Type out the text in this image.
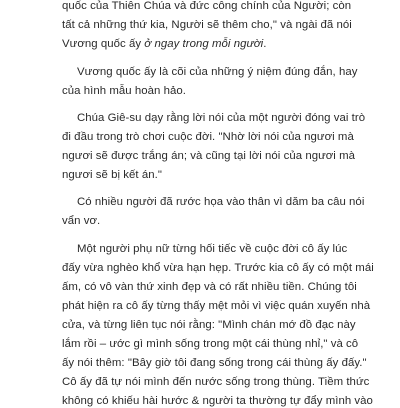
quốc của Thiên Chúa và đức công chính của Người; còn
tất cả những thứ kia, Người sẽ thêm cho," và ngài đã nói
Vương quốc ấy ở ngay trong mỗi người.
Vương quốc ấy là cõi của những ý niệm đúng đắn, hay
của hình mẫu hoàn hảo.
Chúa Giê-su dạy rằng lời nói của một người đóng vai trò
đi đầu trong trò chơi cuộc đời. "Nhờ lời nói của ngươi mà
ngươi sẽ được trắng án; và cũng tại lời nói của ngươi mà
ngươi sẽ bị kết án."
Có nhiều người đã rước họa vào thân vì dăm ba câu nói
vẩn vơ.
Một người phụ nữ từng hối tiếc về cuộc đời cô ấy lúc
đấy vừa nghèo khổ vừa hạn hẹp. Trước kia cô ấy có một mái
ấm, có vô vàn thứ xinh đẹp và có rất nhiều tiền. Chúng tôi
phát hiện ra cô ấy từng thấy mệt mỏi vì việc quán xuyến nhà
cửa, và từng liên tục nói rằng: "Mình chán mớ đồ đạc này
lắm rồi – ước gì mình sống trong một cái thùng nhỉ," và cô
ấy nói thêm: "Bây giờ tôi đang sống trong cái thùng ấy đấy."
Cô ấy đã tự nói mình đến nước sống trong thùng. Tiềm thức
không có khiếu hài hước & người ta thường tự đẩy mình vào
